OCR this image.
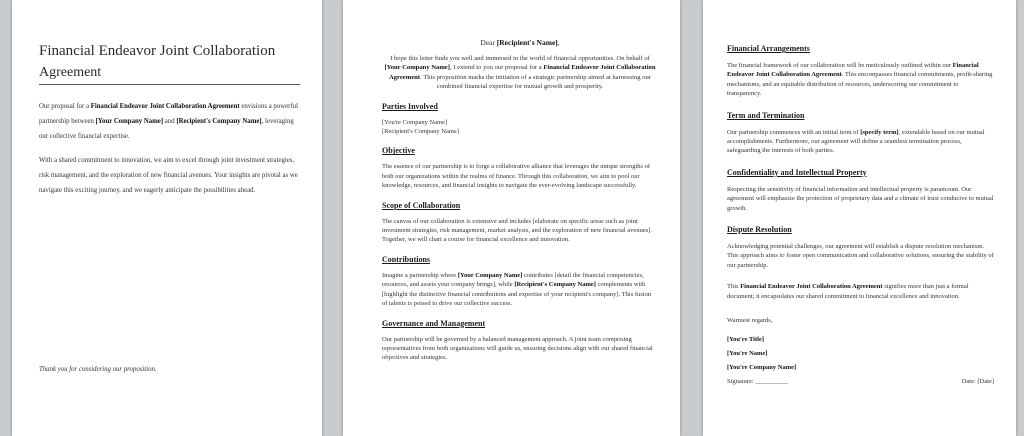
Financial Endeavor Joint Collaboration
Agreement

Our proposal for a Financial Endeavor Joint Collaboration Agreement envisions a powerful partnership between [Your Company Name] and [Recipient's Company Name], leveraging our collective financial expertise.

With a shared commitment to innovation, we aim to excel through joint investment strategies, risk management, and the exploration of new financial avenues. Your insights are pivotal as we navigate this exciting journey, and we eagerly anticipate the possibilities ahead.

Thank you for considering our proposition.
Dear [Recipient's Name],
I hope this letter finds you well and immersed in the world of financial opportunities. On behalf of [Your Company Name], I extend to you our proposal for a Financial Endeavor Joint Collaboration Agreement. This proposition marks the initiation of a strategic partnership aimed at harnessing our combined financial expertise for mutual growth and prosperity.
Parties Involved
[You're Company Name]
[Recipient's Company Name]
Objective
The essence of our partnership is to forge a collaborative alliance that leverages the unique strengths of both our organizations within the realms of finance. Through this collaboration, we aim to pool our knowledge, resources, and financial insights to navigate the ever-evolving landscape successfully.
Scope of Collaboration
The canvas of our collaboration is extensive and includes [elaborate on specific areas such as joint investment strategies, risk management, market analysis, and the exploration of new financial avenues]. Together, we will chart a course for financial excellence and innovation.
Contributions
Imagine a partnership where [Your Company Name] contributes [detail the financial competencies, resources, and assets your company brings], while [Recipient's Company Name] complements with [highlight the distinctive financial contributions and expertise of your recipient's company]. This fusion of talents is poised to drive our collective success.
Governance and Management
Our partnership will be governed by a balanced management approach. A joint team comprising representatives from both organizations will guide us, ensuring decisions align with our shared financial objectives and strategies.
Financial Arrangements
The financial framework of our collaboration will be meticulously outlined within our Financial Endeavor Joint Collaboration Agreement. This encompasses financial commitments, profit-sharing mechanisms, and an equitable distribution of resources, underscoring our commitment to transparency.
Term and Termination
Our partnership commences with an initial term of [specify term], extendable based on our mutual accomplishments. Furthermore, our agreement will define a seamless termination process, safeguarding the interests of both parties.
Confidentiality and Intellectual Property
Respecting the sensitivity of financial information and intellectual property is paramount. Our agreement will emphasize the protection of proprietary data and a climate of trust conducive to mutual growth.
Dispute Resolution
Acknowledging potential challenges, our agreement will establish a dispute resolution mechanism. This approach aims to foster open communication and collaborative solutions, ensuring the stability of our partnership.
This Financial Endeavor Joint Collaboration Agreement signifies more than just a formal document; it encapsulates our shared commitment to financial excellence and innovation.
Warmest regards,
[You're Title]
[You're Name]
[You're Company Name]
Signature: __________	Date: [Date]
